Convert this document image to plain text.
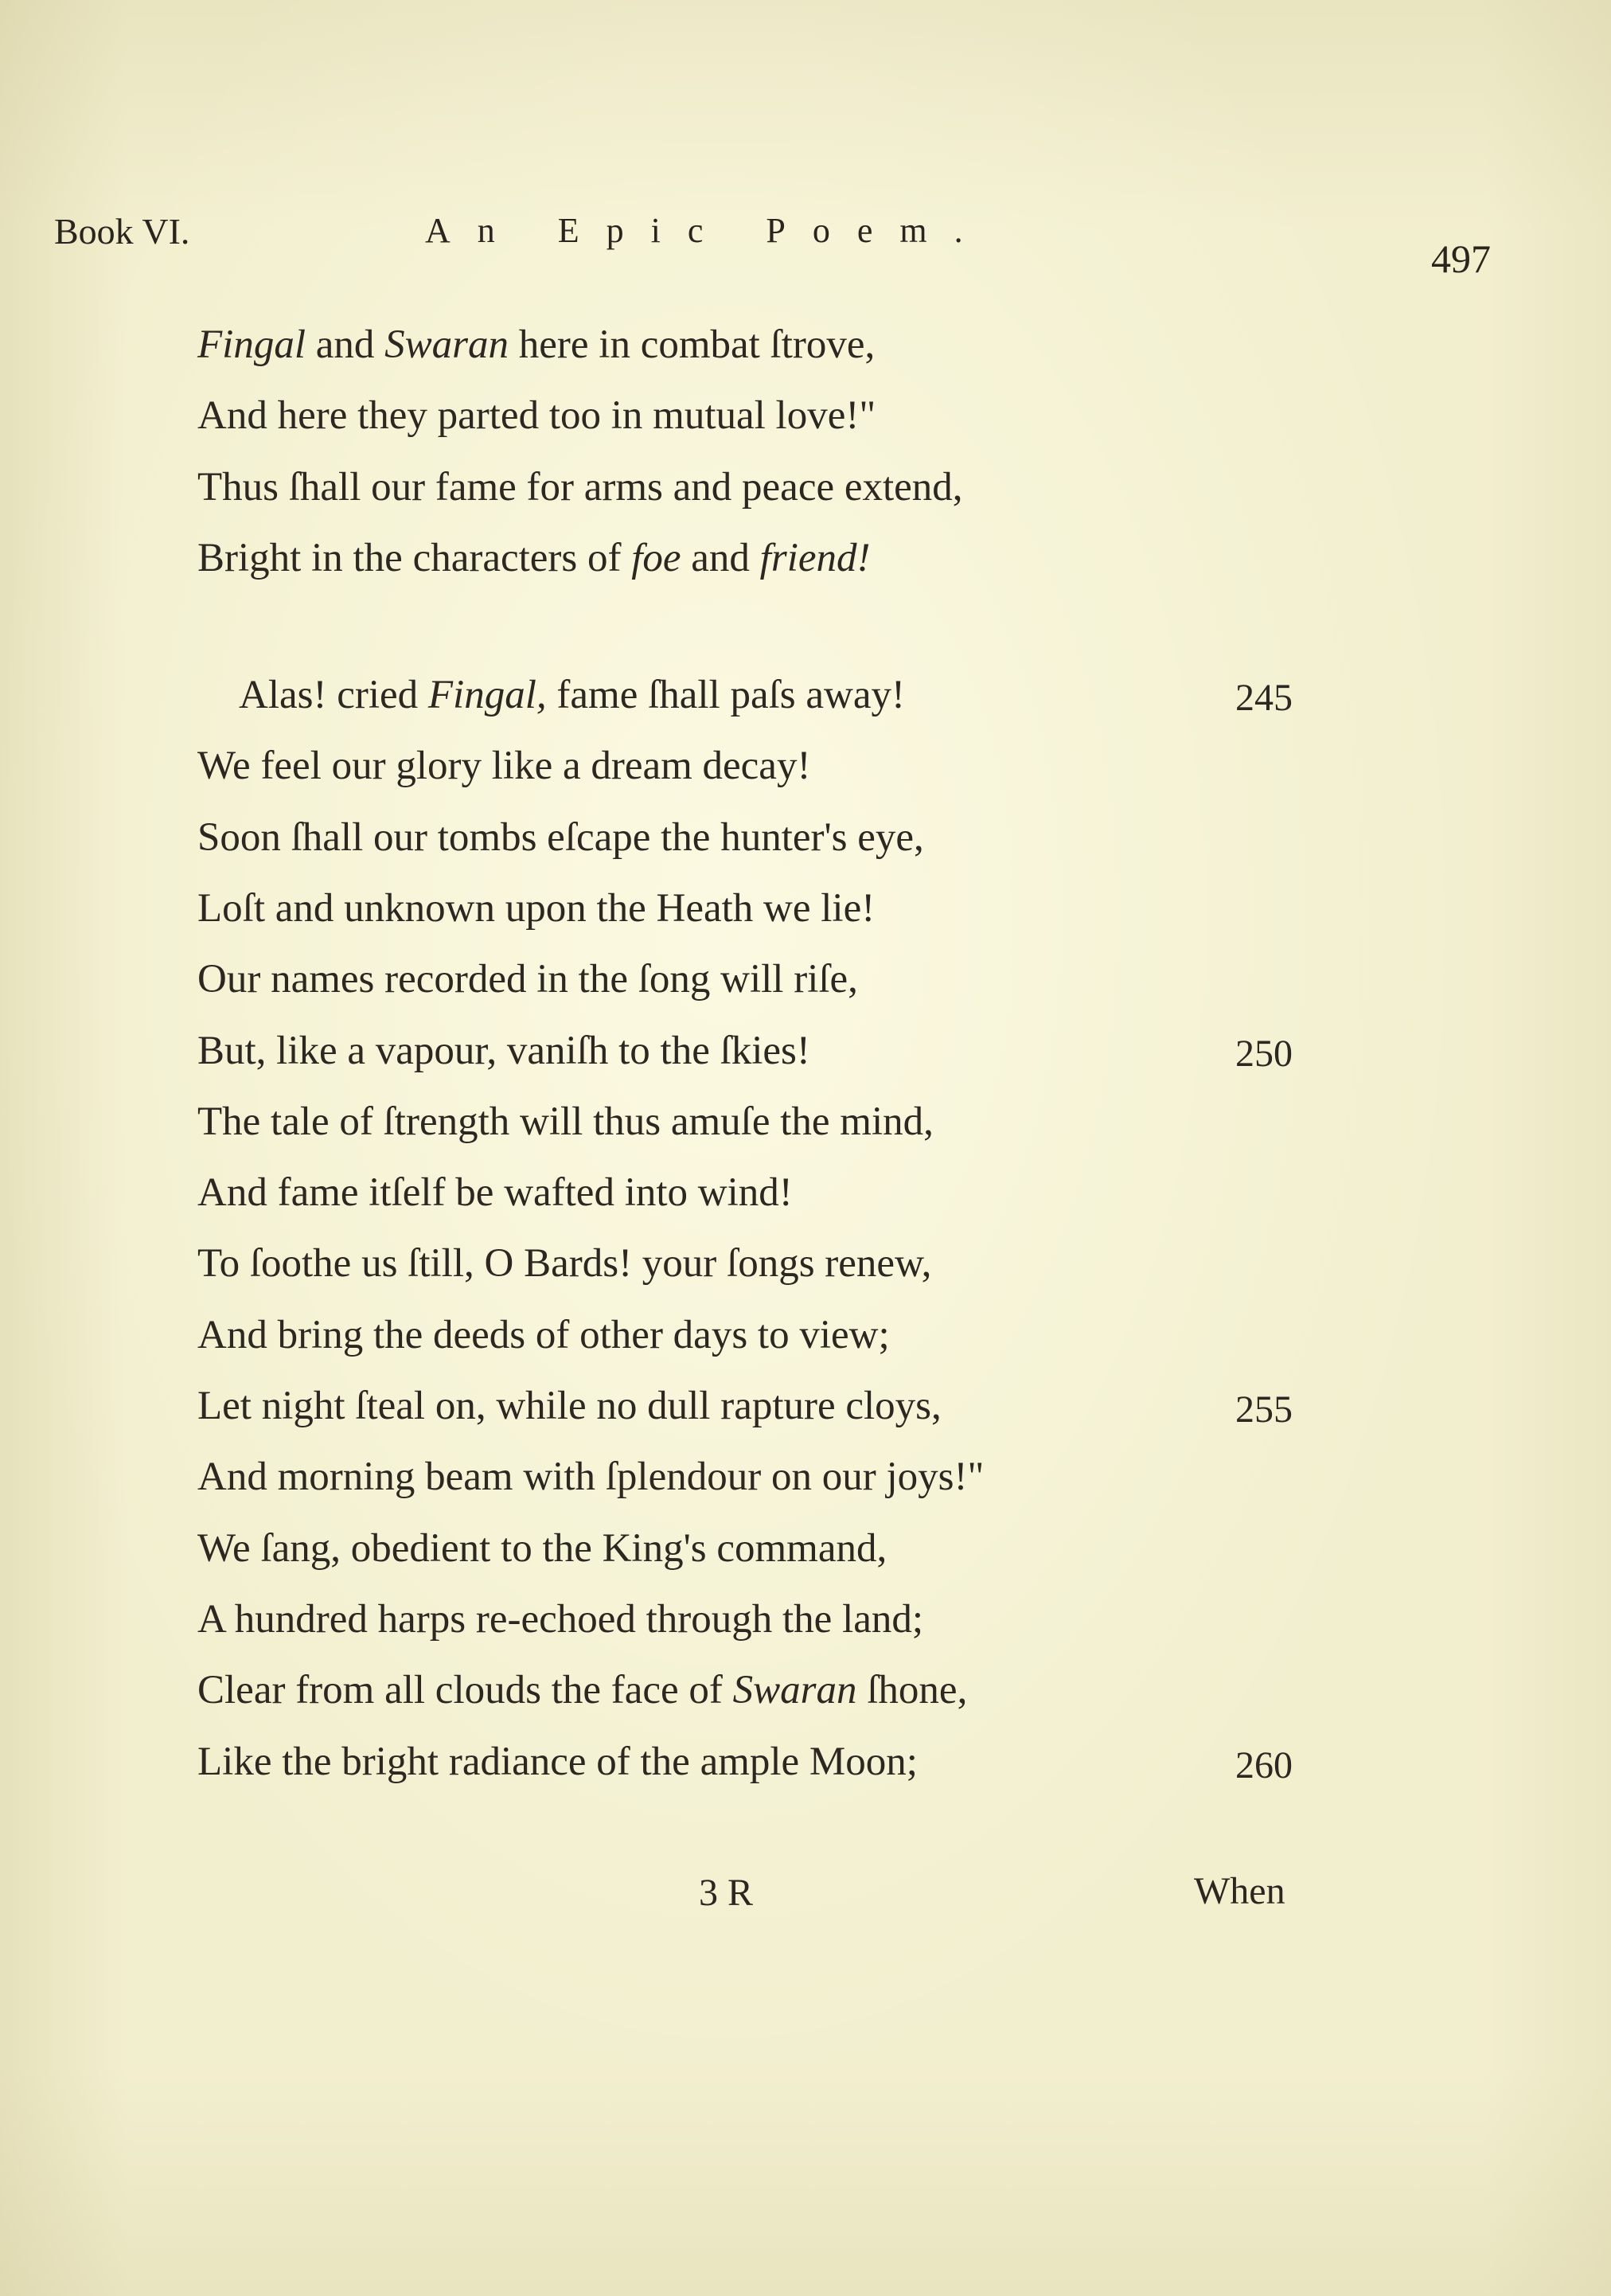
Book VI.	An Epic Poem.
497
Fingal and Swaran here in combat ſtrove,
And here they parted too in mutual love!"
Thus ſhall our fame for arms and peace extend,
Bright in the characters of foe and friend!
Alas! cried Fingal, fame ſhall paſs away!
We feel our glory like a dream decay!
Soon ſhall our tombs eſcape the hunter's eye,
Loſt and unknown upon the Heath we lie!
Our names recorded in the ſong will riſe,
But, like a vapour, vaniſh to the ſkies!
The tale of ſtrength will thus amuſe the mind,
And fame itſelf be wafted into wind!
To ſoothe us ſtill, O Bards! your ſongs renew,
And bring the deeds of other days to view;
Let night ſteal on, while no dull rapture cloys,
And morning beam with ſplendour on our joys!"
We ſang, obedient to the King's command,
A hundred harps re-echoed through the land;
Clear from all clouds the face of Swaran ſhone,
Like the bright radiance of the ample Moon;
245
250
255
260
3 R	When
